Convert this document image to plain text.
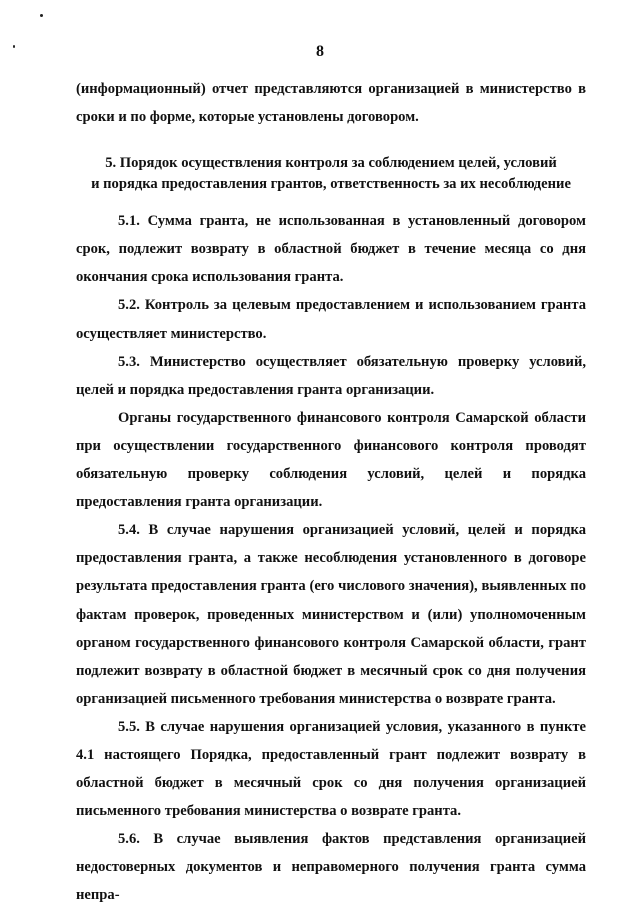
8

(информационный) отчет представляются организацией в министерство в сроки и по форме, которые установлены договором.

5. Порядок осуществления контроля за соблюдением целей, условий
и порядка предоставления грантов, ответственность за их несоблюдение

5.1. Сумма гранта, не использованная в установленный договором срок, подлежит возврату в областной бюджет в течение месяца со дня окончания срока использования гранта.

5.2. Контроль за целевым предоставлением и использованием гранта осуществляет министерство.

5.3. Министерство осуществляет обязательную проверку условий, целей и порядка предоставления гранта организации.

Органы государственного финансового контроля Самарской области при осуществлении государственного финансового контроля проводят обязательную проверку соблюдения условий, целей и порядка предоставления гранта организации.

5.4. В случае нарушения организацией условий, целей и порядка предоставления гранта, а также несоблюдения установленного в договоре результата предоставления гранта (его числового значения), выявленных по фактам проверок, проведенных министерством и (или) уполномоченным органом государственного финансового контроля Самарской области, грант подлежит возврату в областной бюджет в месячный срок со дня получения организацией письменного требования министерства о возврате гранта.

5.5. В случае нарушения организацией условия, указанного в пункте 4.1 настоящего Порядка, предоставленный грант подлежит возврату в областной бюджет в месячный срок со дня получения организацией письменного требования министерства о возврате гранта.

5.6. В случае выявления фактов представления организацией недостоверных документов и неправомерного получения гранта сумма непра-
